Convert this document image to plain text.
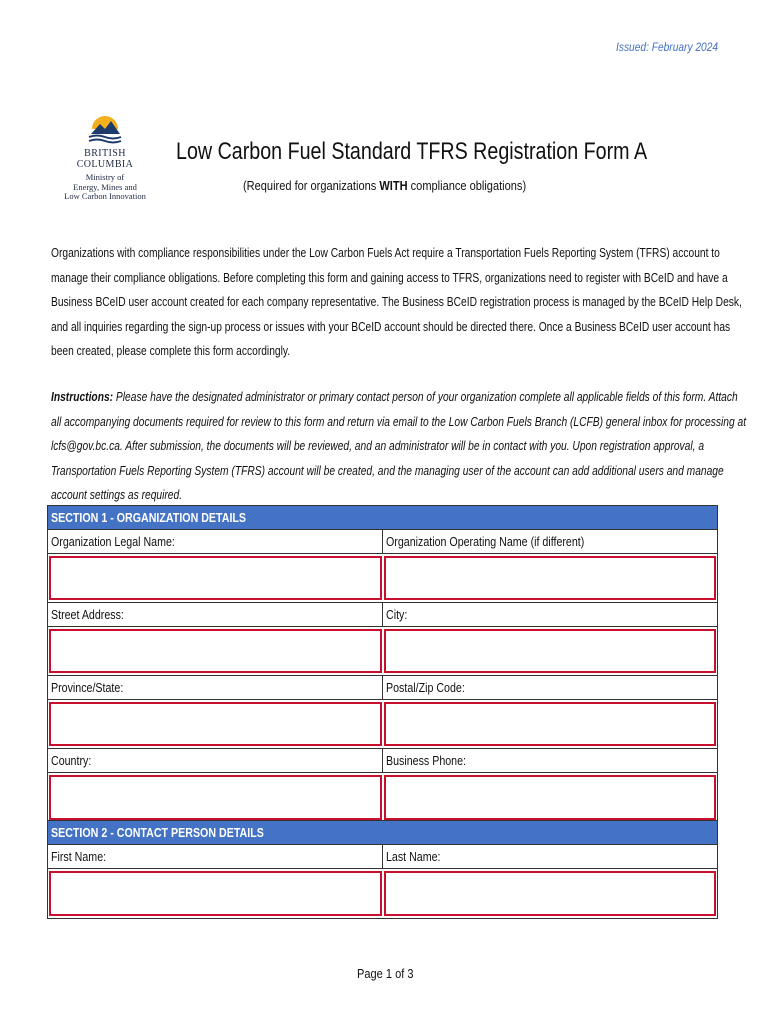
Issued: February 2024
BRITISH
COLUMBIA
Ministry of
Energy, Mines and
Low Carbon Innovation
Low Carbon Fuel Standard TFRS Registration Form A
(Required for organizations WITH compliance obligations)
Organizations with compliance responsibilities under the Low Carbon Fuels Act require a Transportation Fuels Reporting System (TFRS) account to
manage their compliance obligations. Before completing this form and gaining access to TFRS, organizations need to register with BCeID and have a
Business BCeID user account created for each company representative. The Business BCeID registration process is managed by the BCeID Help Desk,
and all inquiries regarding the sign-up process or issues with your BCeID account should be directed there. Once a Business BCeID user account has
been created, please complete this form accordingly.
Instructions: Please have the designated administrator or primary contact person of your organization complete all applicable fields of this form. Attach
all accompanying documents required for review to this form and return via email to the Low Carbon Fuels Branch (LCFB) general inbox for processing at
lcfs@gov.bc.ca. After submission, the documents will be reviewed, and an administrator will be in contact with you. Upon registration approval, a
Transportation Fuels Reporting System (TFRS) account will be created, and the managing user of the account can add additional users and manage
account settings as required.
SECTION 1 - ORGANIZATION DETAILS
Organization Legal Name:	Organization Operating Name (if different)
Street Address:	City:
Province/State:	Postal/Zip Code:
Country:	Business Phone:
SECTION 2 - CONTACT PERSON DETAILS
First Name:	Last Name:
Page 1 of 3
